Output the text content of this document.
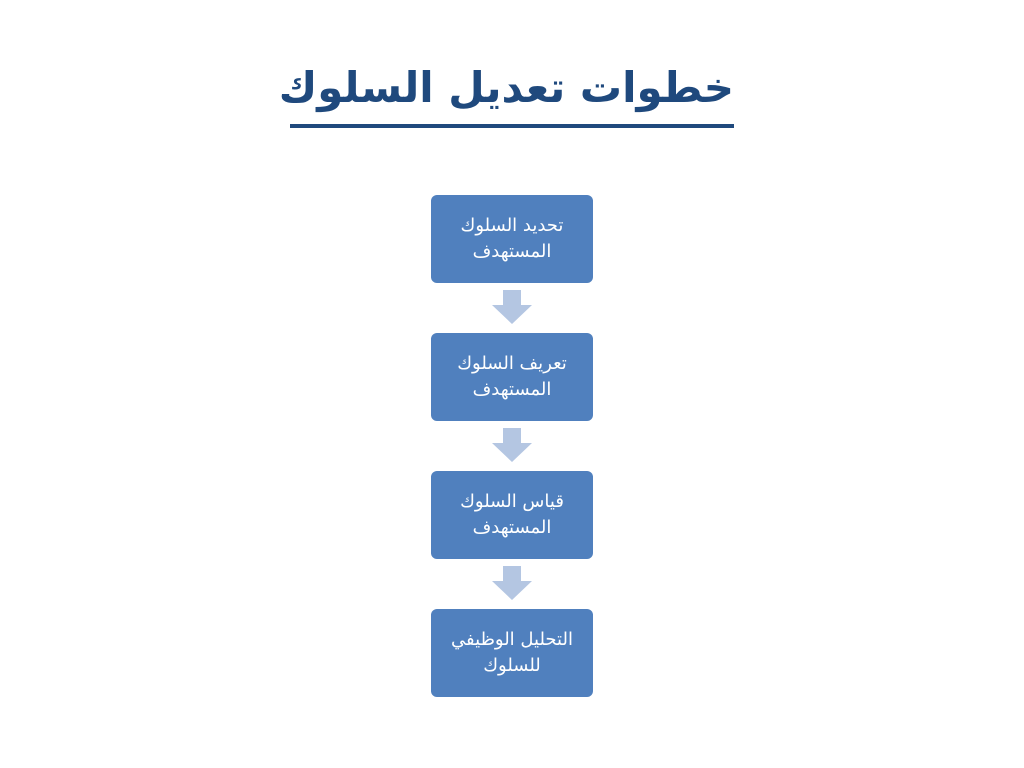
خطوات تعديل السلوك
تحديد السلوك
المستهدف
تعريف السلوك
المستهدف
قياس السلوك
المستهدف
التحليل الوظيفي
للسلوك
